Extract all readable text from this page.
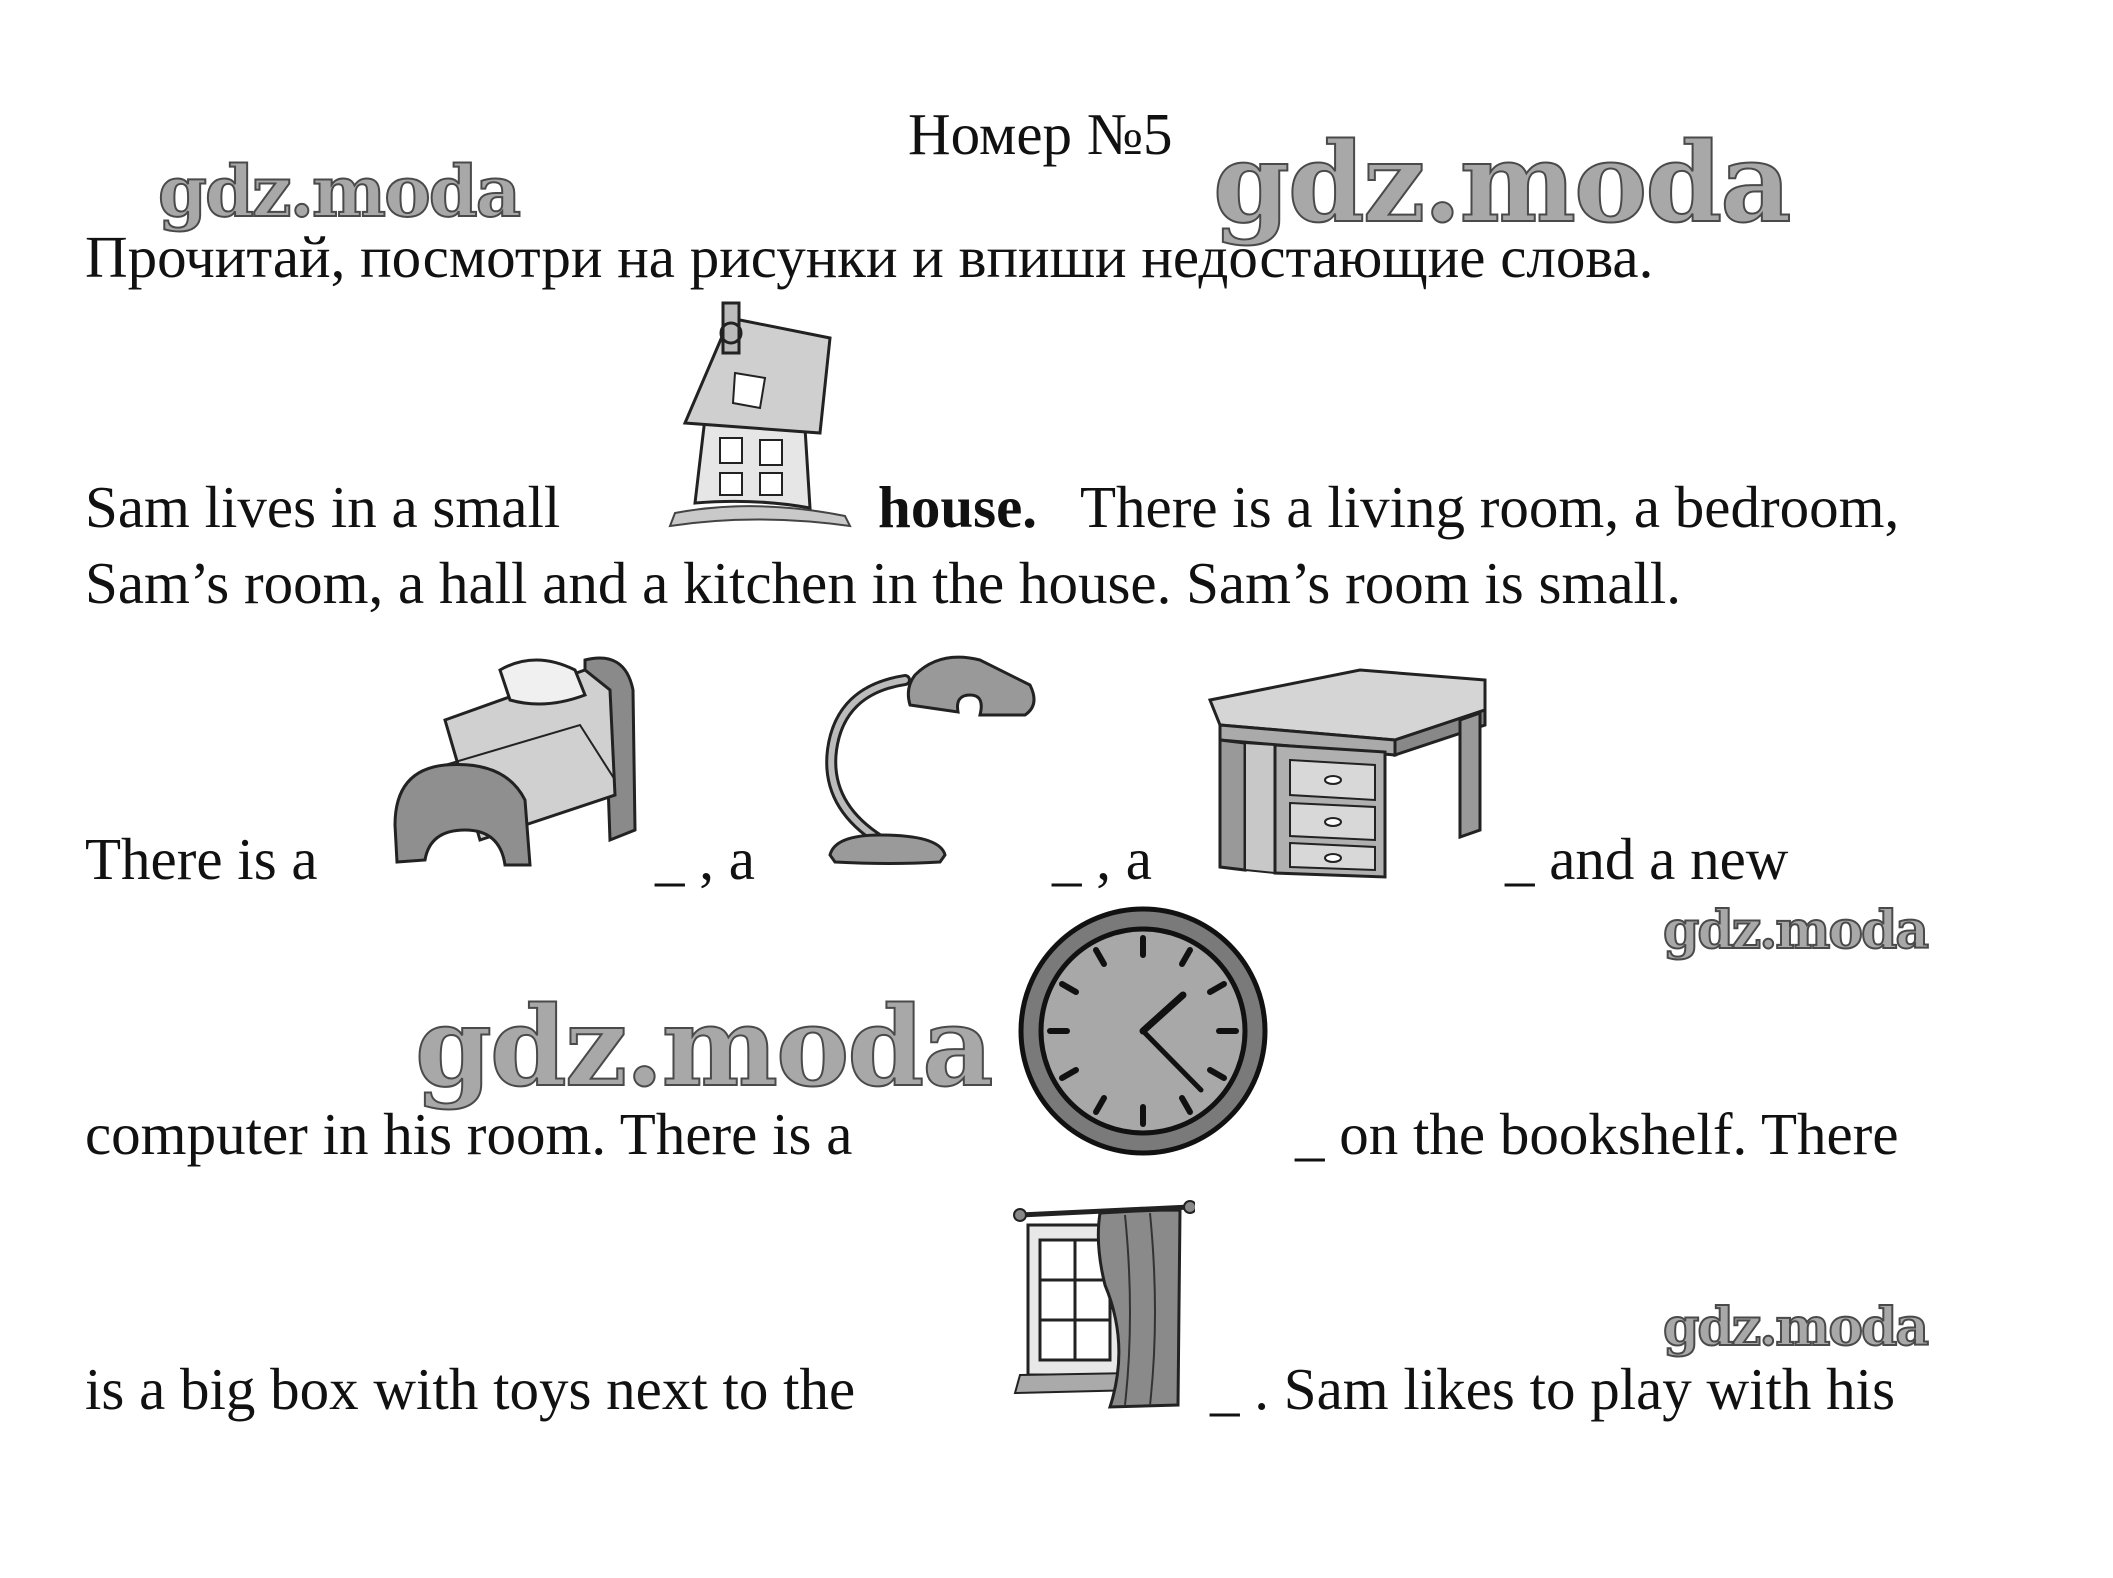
Номер №5
gdz.moda	gdz.moda
gdz.moda
gdz.moda
gdz.moda
Прочитай, посмотри на рисунки и впиши недостающие слова.
Sam lives in a small	house. There is a living room, a bedroom,
Sam’s room, a hall and a kitchen in the house. Sam’s room is small.
There is a	_ , a	_ , a	_ and a new
computer in his room. There is a	_ on the bookshelf. There
is a big box with toys next to the	_ . Sam likes to play with his
